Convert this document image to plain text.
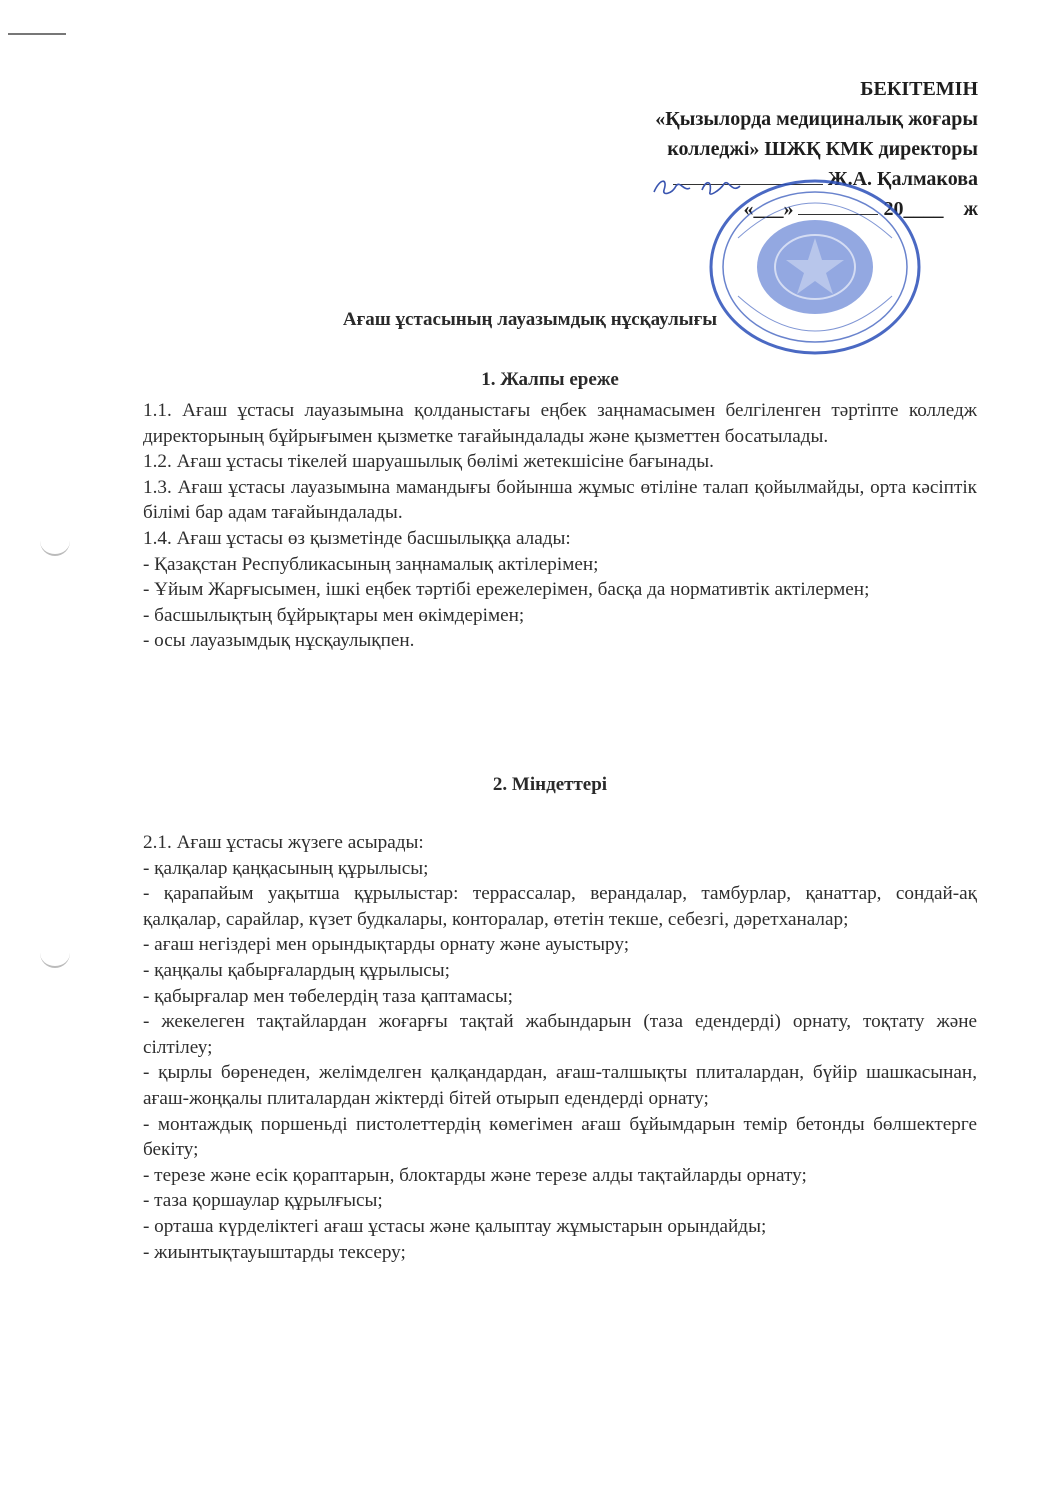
БЕКІТЕМІН
«Қызылорда медициналық жоғары
колледжі» ШЖҚ КМК директоры
Ж.А. Қалмакова
«___»	20____ ж
Ағаш ұстасының лауазымдық нұсқаулығы
1. Жалпы ереже

1.1. Ағаш ұстасы лауазымына қолданыстағы еңбек заңнамасымен белгіленген тәртіпте колледж директорының бұйрығымен қызметке тағайындалады және қызметтен босатылады.

1.2. Ағаш ұстасы тікелей шаруашылық бөлімі жетекшісіне бағынады.

1.3. Ағаш ұстасы лауазымына мамандығы бойынша жұмыс өтіліне талап қойылмайды, орта кәсіптік білімі бар адам тағайындалады.

1.4. Ағаш ұстасы өз қызметінде басшылыққа алады:

- Қазақстан Республикасының заңнамалық актілерімен;

- Ұйым Жарғысымен, ішкі еңбек тәртібі ережелерімен, басқа да нормативтік актілермен;

- басшылықтың бұйрықтары мен өкімдерімен;

- осы лауазымдық нұсқаулықпен.

2. Міндеттері

2.1. Ағаш ұстасы жүзеге асырады:

- қалқалар қаңқасының құрылысы;

- қарапайым уақытша құрылыстар: террассалар, верандалар, тамбурлар, қанаттар, сондай-ақ қалқалар, сарайлар, күзет будкалары, конторалар, өтетін текше, себезгі, дәретханалар;

- ағаш негіздері мен орындықтарды орнату және ауыстыру;

- қаңқалы қабырғалардың құрылысы;

- қабырғалар мен төбелердің таза қаптамасы;

- жекелеген тақтайлардан жоғарғы тақтай жабындарын (таза едендерді) орнату, тоқтату және сілтілеу;

- қырлы бөренеден, желімделген қалқандардан, ағаш-талшықты плиталардан, бүйір шашкасынан, ағаш-жоңқалы плиталардан жіктерді бітей отырып едендерді орнату;

- монтаждық поршеньді пистолеттердің көмегімен ағаш бұйымдарын темір бетонды бөлшектерге бекіту;

- терезе және есік қораптарын, блоктарды және терезе алды тақтайларды орнату;

- таза қоршаулар құрылғысы;

- орташа күрделіктегі ағаш ұстасы және қалыптау жұмыстарын орындайды;

- жиынтықтауыштарды тексеру;
